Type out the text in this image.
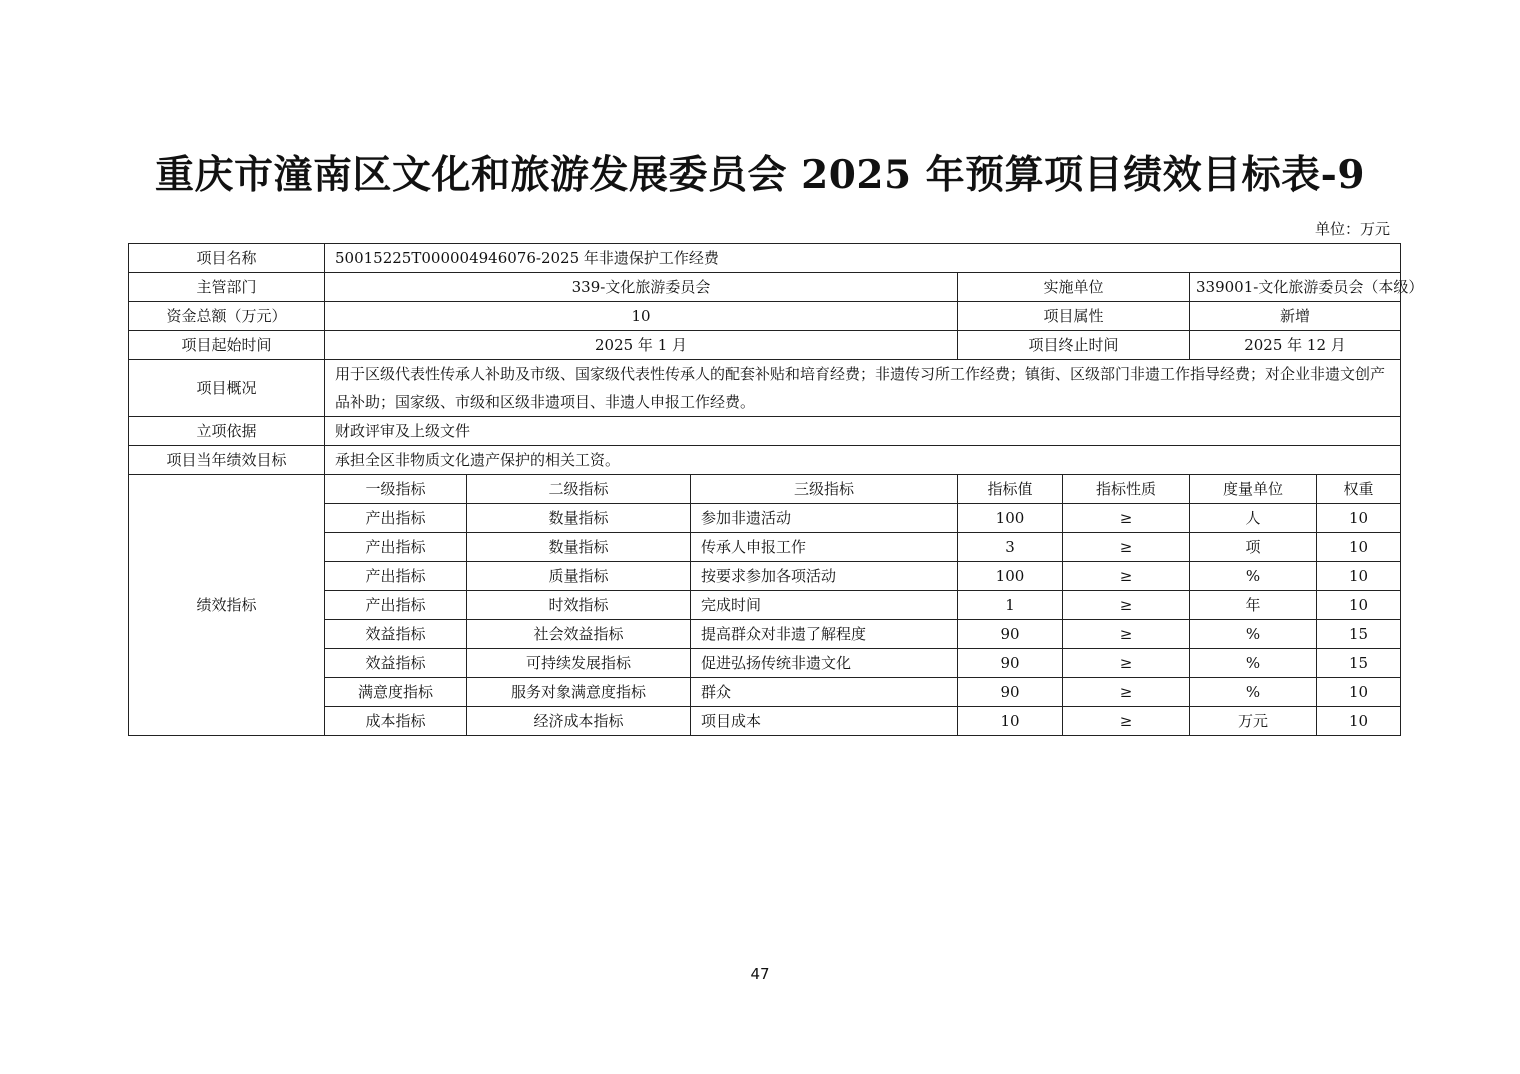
重庆市潼南区文化和旅游发展委员会 2025 年预算项目绩效目标表-9
单位：万元
项目名称	50015225T000004946076-2025 年非遗保护工作经费						
主管部门	339-文化旅游委员会			实施单位		339001-文化旅游委员会（本级）	
资金总额（万元）	10			项目属性		新增	
项目起始时间	2025 年 1 月			项目终止时间		2025 年 12 月	
项目概况	用于区级代表性传承人补助及市级、国家级代表性传承人的配套补贴和培育经费；非遗传习所工作经费；镇街、区级部门非遗工作指导经费；对企业非遗文创产品补助；国家级、市级和区级非遗项目、非遗人申报工作经费。						
立项依据	财政评审及上级文件						
项目当年绩效目标	承担全区非物质文化遗产保护的相关工资。						
绩效指标	一级指标	二级指标	三级指标	指标值	指标性质	度量单位	权重
	产出指标	数量指标	参加非遗活动	100	≥	人	10
	产出指标	数量指标	传承人申报工作	3	≥	项	10
	产出指标	质量指标	按要求参加各项活动	100	≥	%	10
	产出指标	时效指标	完成时间	1	≥	年	10
	效益指标	社会效益指标	提高群众对非遗了解程度	90	≥	%	15
	效益指标	可持续发展指标	促进弘扬传统非遗文化	90	≥	%	15
	满意度指标	服务对象满意度指标	群众	90	≥	%	10
	成本指标	经济成本指标	项目成本	10	≥	万元	10
47
